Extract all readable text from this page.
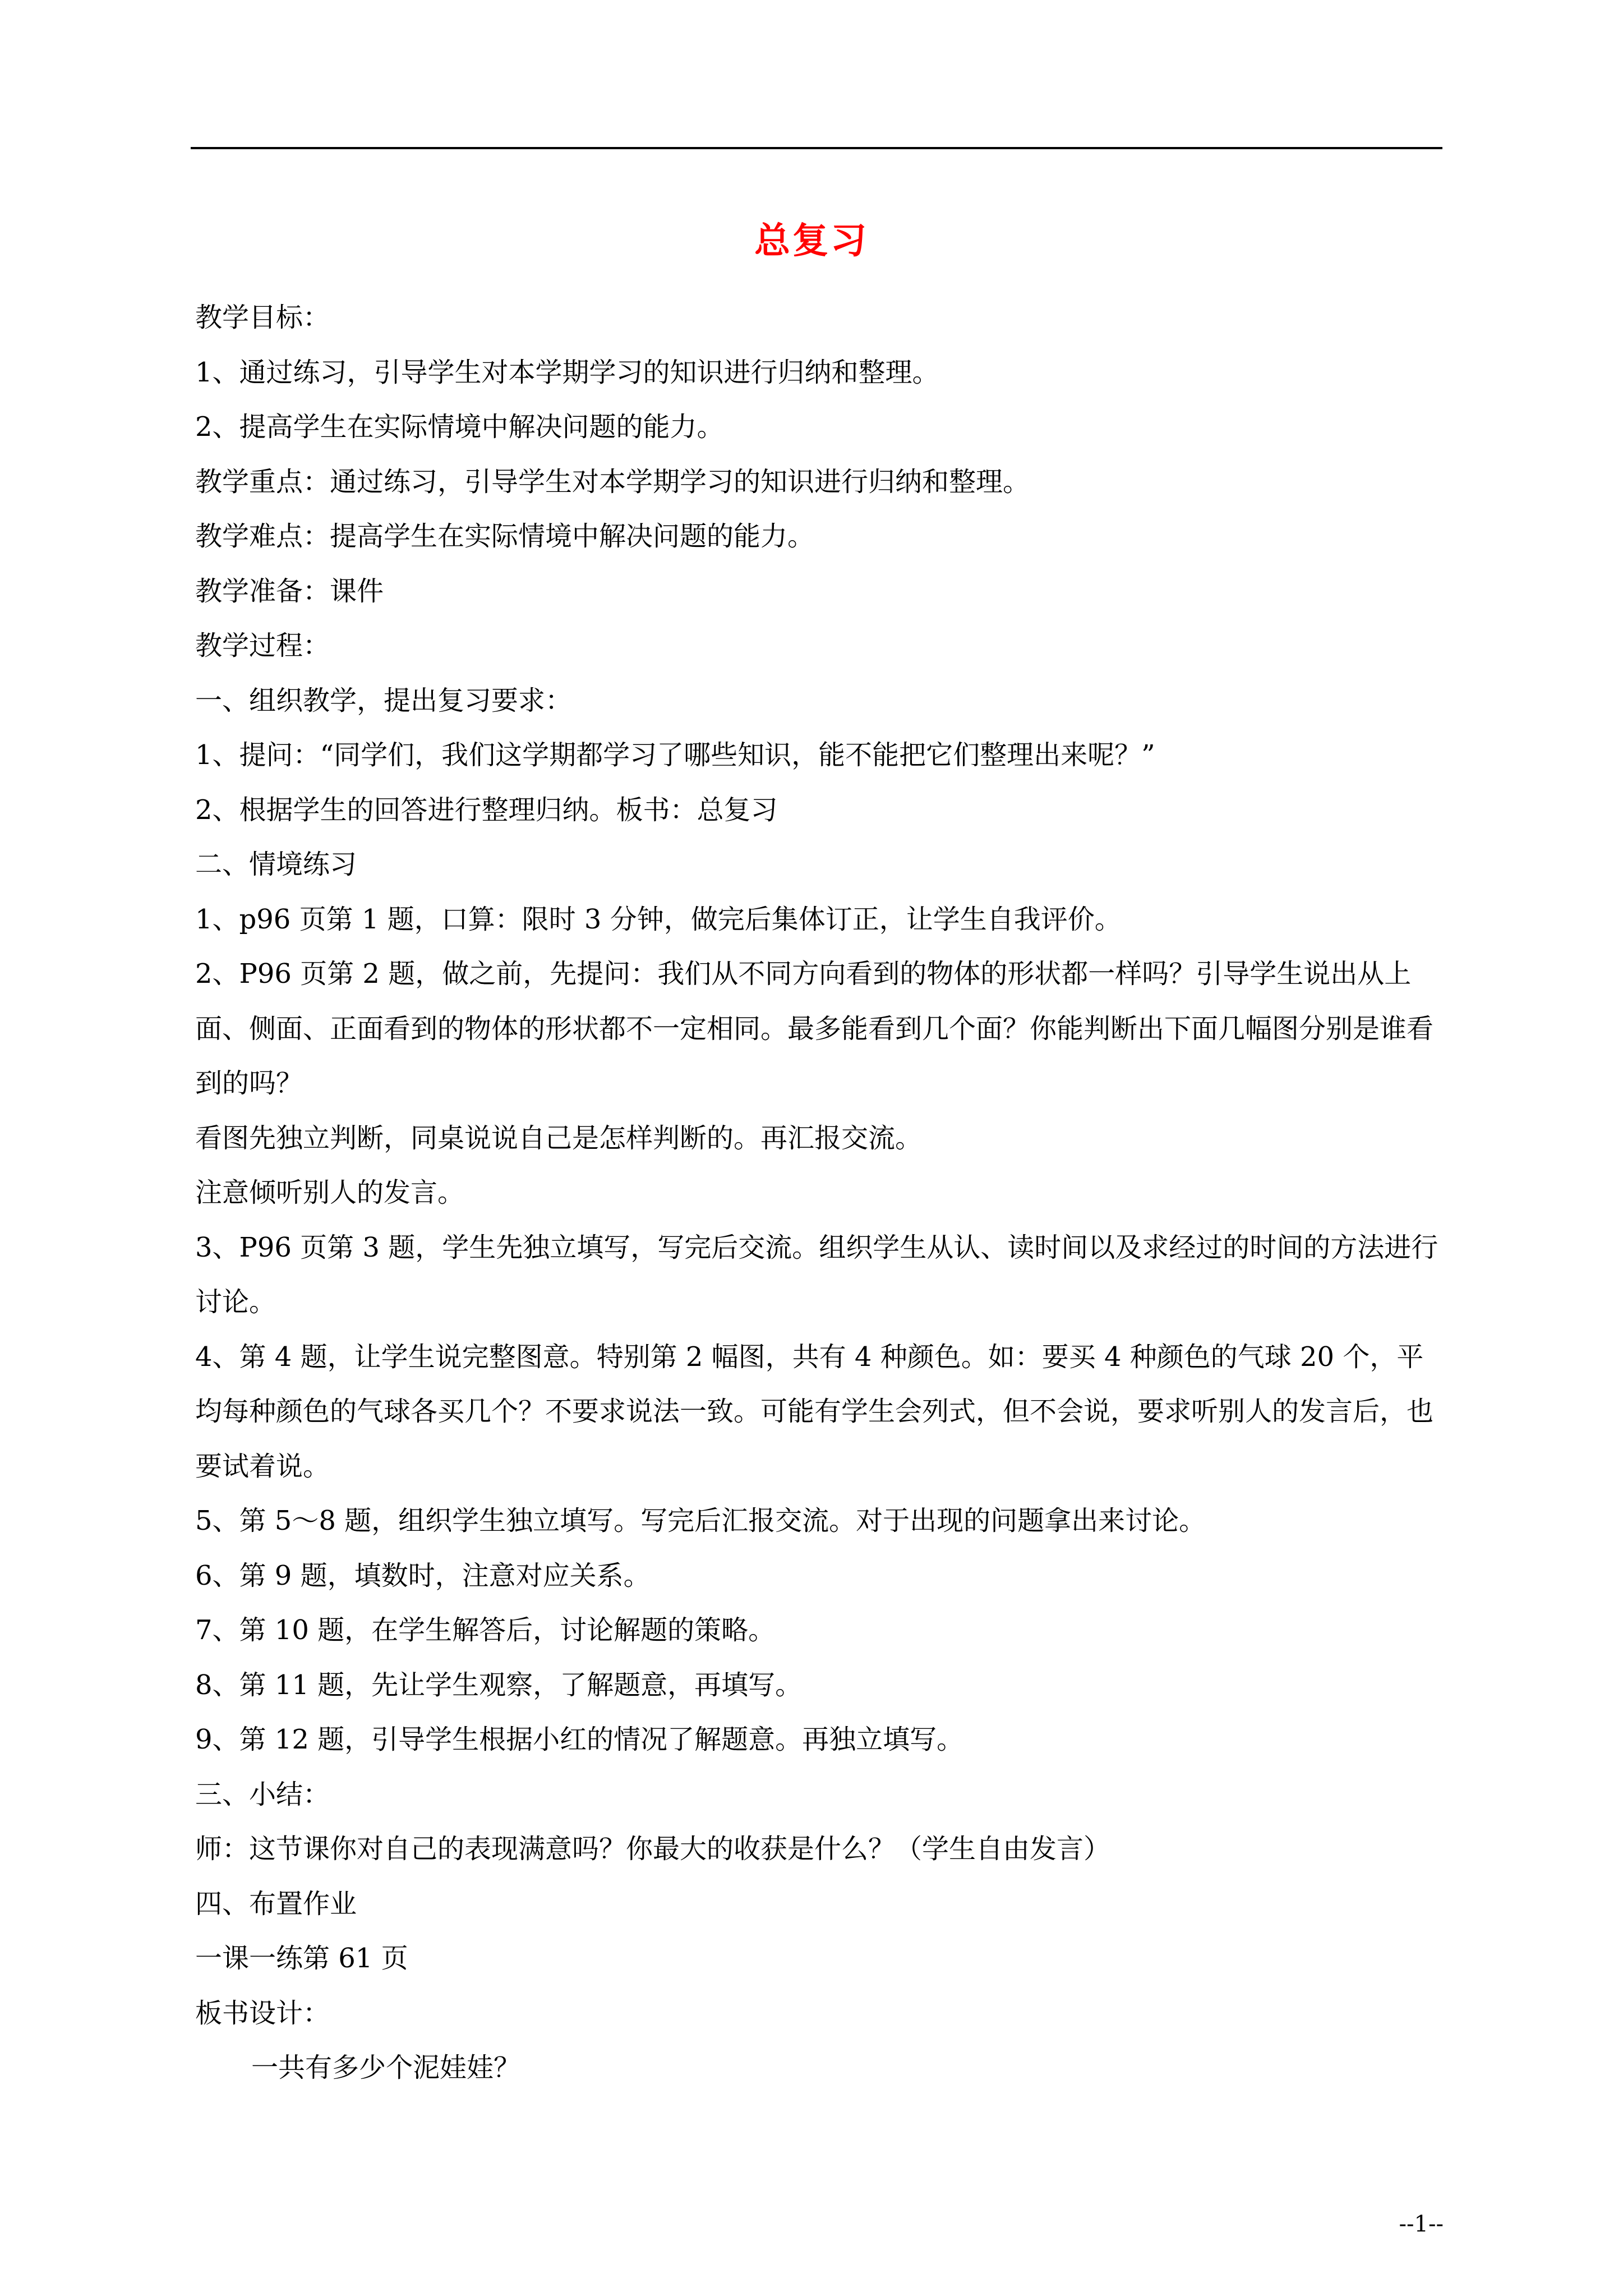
总复习

教学目标：

1、通过练习，引导学生对本学期学习的知识进行归纳和整理。

2、提高学生在实际情境中解决问题的能力。

教学重点：通过练习，引导学生对本学期学习的知识进行归纳和整理。

教学难点：提高学生在实际情境中解决问题的能力。

教学准备：课件

教学过程：

一、组织教学，提出复习要求：

1、提问：“同学们，我们这学期都学习了哪些知识，能不能把它们整理出来呢？”

2、根据学生的回答进行整理归纳。板书：总复习

二、情境练习

1、p96 页第 1 题，口算：限时 3 分钟，做完后集体订正，让学生自我评价。

2、P96 页第 2 题，做之前，先提问：我们从不同方向看到的物体的形状都一样吗？引导学生说出从上面、侧面、正面看到的物体的形状都不一定相同。最多能看到几个面？你能判断出下面几幅图分别是谁看到的吗？

看图先独立判断，同桌说说自己是怎样判断的。再汇报交流。

注意倾听别人的发言。

3、P96 页第 3 题，学生先独立填写，写完后交流。组织学生从认、读时间以及求经过的时间的方法进行讨论。

4、第 4 题，让学生说完整图意。特别第 2 幅图，共有 4 种颜色。如：要买 4 种颜色的气球 20 个，平均每种颜色的气球各买几个？不要求说法一致。可能有学生会列式，但不会说，要求听别人的发言后，也要试着说。

5、第 5～8 题，组织学生独立填写。写完后汇报交流。对于出现的问题拿出来讨论。

6、第 9 题，填数时，注意对应关系。

7、第 10 题，在学生解答后，讨论解题的策略。

8、第 11 题，先让学生观察，了解题意，再填写。

9、第 12 题，引导学生根据小红的情况了解题意。再独立填写。

三、小结：

师：这节课你对自己的表现满意吗？你最大的收获是什么？（学生自由发言）

四、布置作业

一课一练第 61 页

板书设计：

一共有多少个泥娃娃？

--1--
